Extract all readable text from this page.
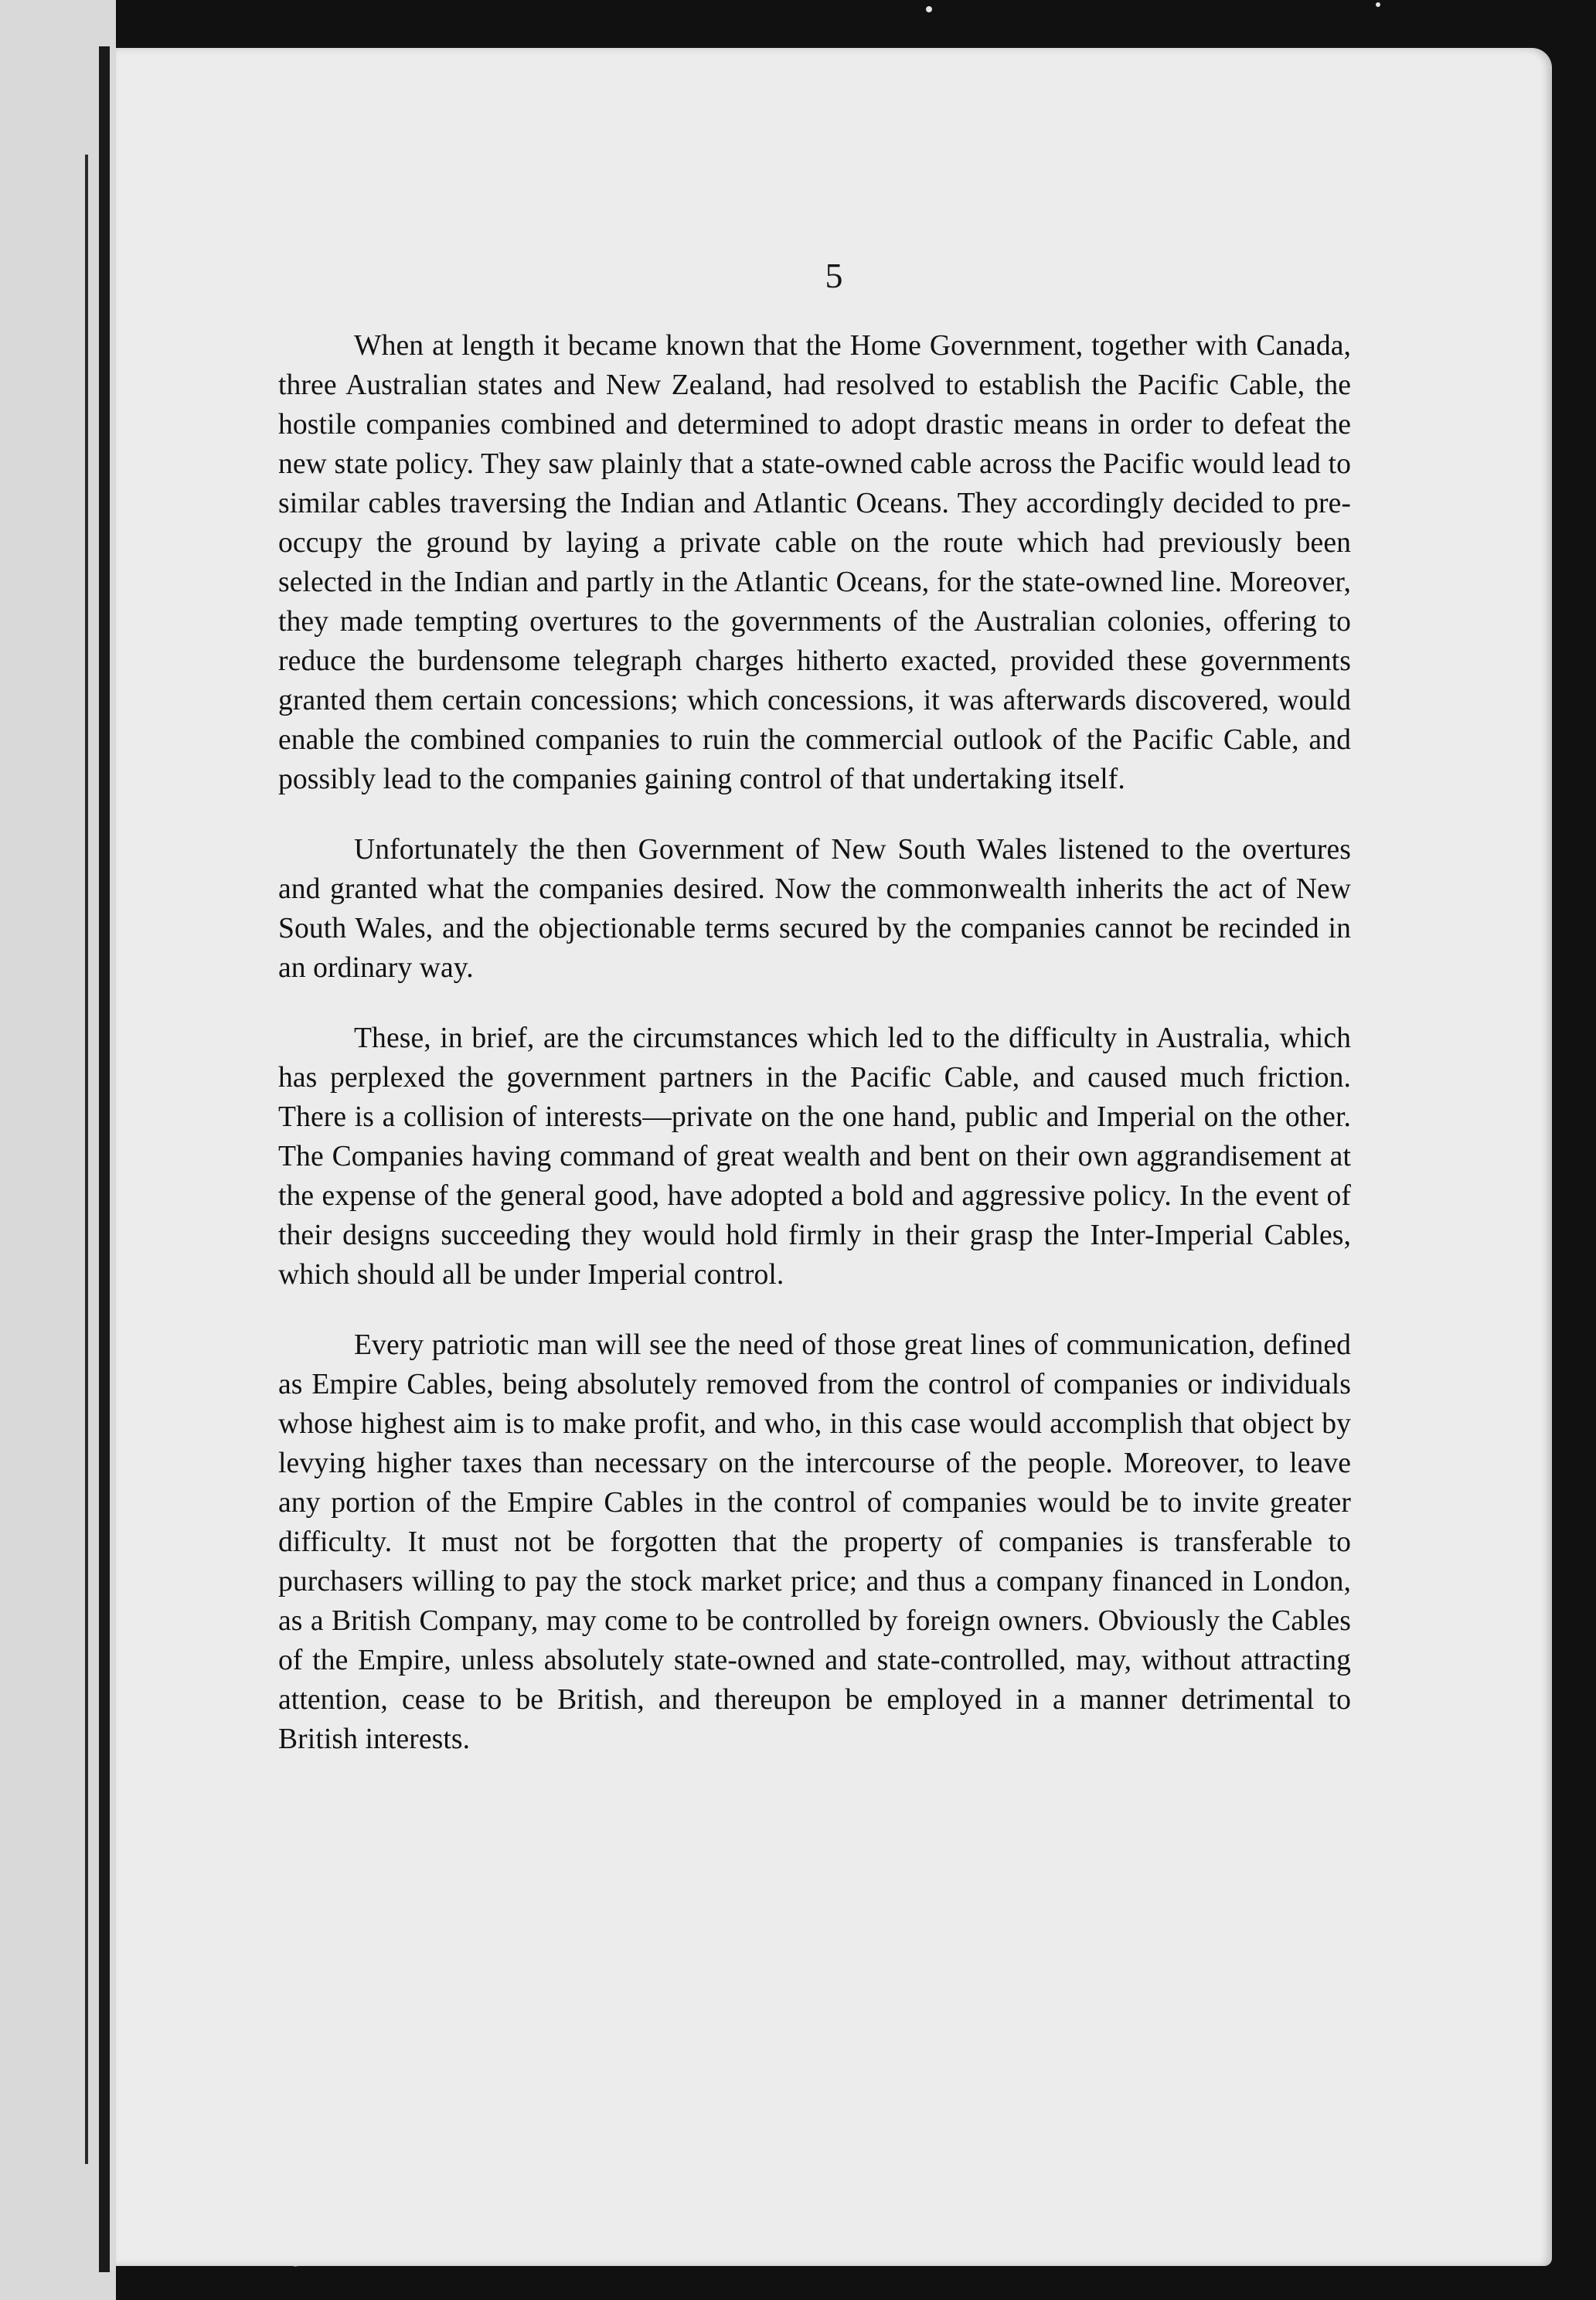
5

When at length it became known that the Home Government, together with Canada, three Australian states and New Zealand, had resolved to establish the Pacific Cable, the hostile companies combined and determined to adopt drastic means in order to defeat the new state policy. They saw plainly that a state-owned cable across the Pacific would lead to similar cables traversing the Indian and Atlantic Oceans. They accordingly decided to pre-occupy the ground by laying a private cable on the route which had previously been selected in the Indian and partly in the Atlantic Oceans, for the state-owned line. Moreover, they made tempting overtures to the governments of the Australian colonies, offering to reduce the burdensome telegraph charges hitherto exacted, provided these governments granted them certain concessions; which concessions, it was afterwards discovered, would enable the combined companies to ruin the commercial outlook of the Pacific Cable, and possibly lead to the companies gaining control of that undertaking itself.

Unfortunately the then Government of New South Wales listened to the overtures and granted what the companies desired. Now the commonwealth inherits the act of New South Wales, and the objectionable terms secured by the companies cannot be recinded in an ordinary way.

These, in brief, are the circumstances which led to the difficulty in Australia, which has perplexed the government partners in the Pacific Cable, and caused much friction. There is a collision of interests—private on the one hand, public and Imperial on the other. The Companies having command of great wealth and bent on their own aggrandisement at the expense of the general good, have adopted a bold and aggressive policy. In the event of their designs succeeding they would hold firmly in their grasp the Inter-Imperial Cables, which should all be under Imperial control.

Every patriotic man will see the need of those great lines of communication, defined as Empire Cables, being absolutely removed from the control of companies or individuals whose highest aim is to make profit, and who, in this case would accomplish that object by levying higher taxes than necessary on the intercourse of the people. Moreover, to leave any portion of the Empire Cables in the control of companies would be to invite greater difficulty. It must not be forgotten that the property of companies is transferable to purchasers willing to pay the stock market price; and thus a company financed in London, as a British Company, may come to be controlled by foreign owners. Obviously the Cables of the Empire, unless absolutely state-owned and state-controlled, may, without attracting attention, cease to be British, and thereupon be employed in a manner detrimental to British interests.
